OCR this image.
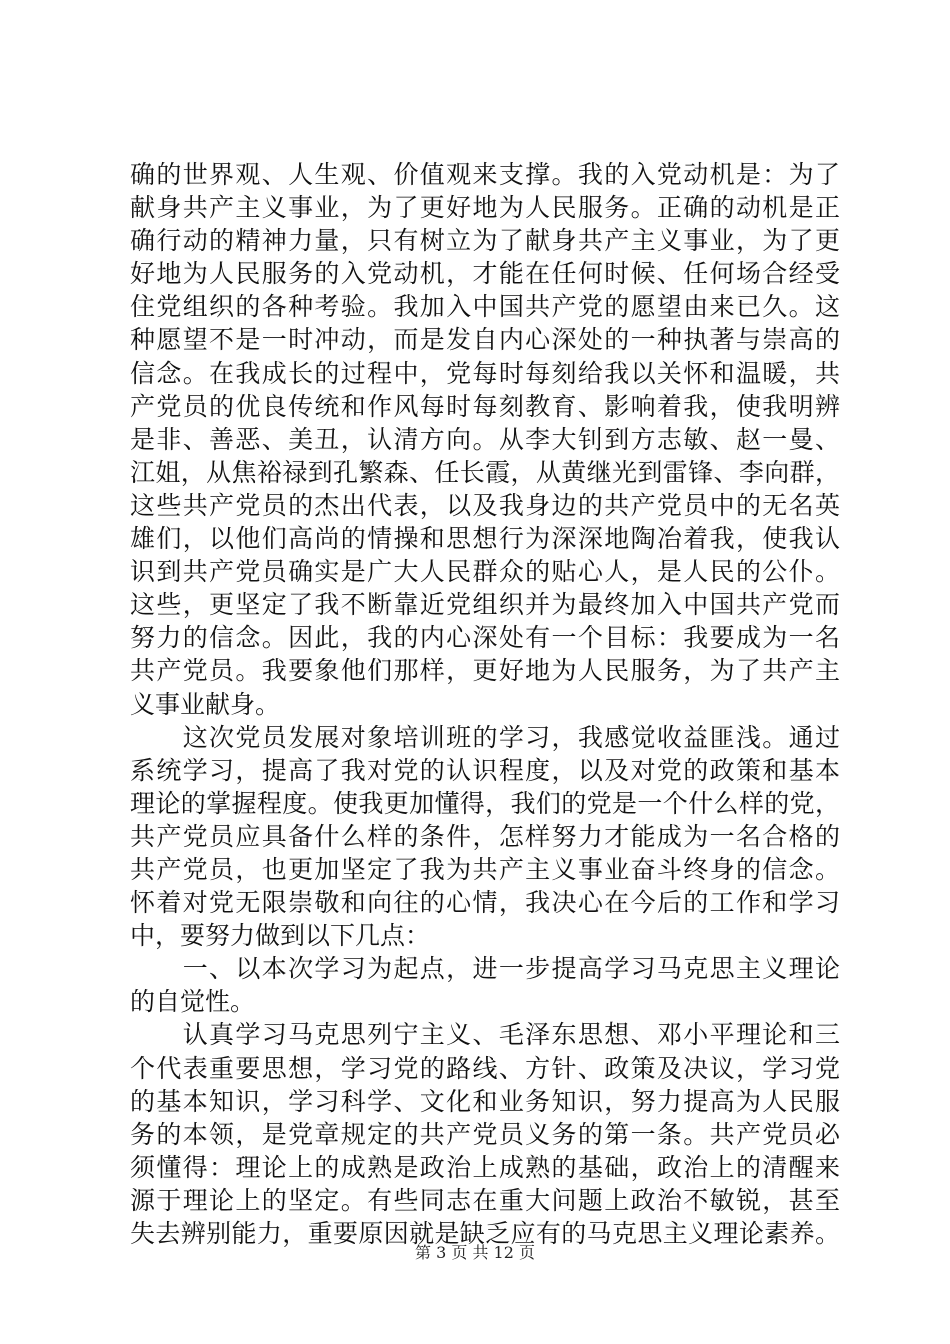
确的世界观、人生观、价值观来支撑。我的入党动机是：为了
献身共产主义事业，为了更好地为人民服务。正确的动机是正
确行动的精神力量，只有树立为了献身共产主义事业，为了更
好地为人民服务的入党动机，才能在任何时候、任何场合经受
住党组织的各种考验。我加入中国共产党的愿望由来已久。这
种愿望不是一时冲动，而是发自内心深处的一种执著与崇高的
信念。在我成长的过程中，党每时每刻给我以关怀和温暖，共
产党员的优良传统和作风每时每刻教育、影响着我，使我明辨
是非、善恶、美丑，认清方向。从李大钊到方志敏、赵一曼、
江姐，从焦裕禄到孔繁森、任长霞，从黄继光到雷锋、李向群，
这些共产党员的杰出代表，以及我身边的共产党员中的无名英
雄们，以他们高尚的情操和思想行为深深地陶冶着我，使我认
识到共产党员确实是广大人民群众的贴心人，是人民的公仆。
这些，更坚定了我不断靠近党组织并为最终加入中国共产党而
努力的信念。因此，我的内心深处有一个目标：我要成为一名
共产党员。我要象他们那样，更好地为人民服务，为了共产主
义事业献身。
　　这次党员发展对象培训班的学习，我感觉收益匪浅。通过
系统学习，提高了我对党的认识程度，以及对党的政策和基本
理论的掌握程度。使我更加懂得，我们的党是一个什么样的党，
共产党员应具备什么样的条件，怎样努力才能成为一名合格的
共产党员，也更加坚定了我为共产主义事业奋斗终身的信念。
怀着对党无限崇敬和向往的心情，我决心在今后的工作和学习
中，要努力做到以下几点：
　　一、以本次学习为起点，进一步提高学习马克思主义理论
的自觉性。
　　认真学习马克思列宁主义、毛泽东思想、邓小平理论和三
个代表重要思想，学习党的路线、方针、政策及决议，学习党
的基本知识，学习科学、文化和业务知识，努力提高为人民服
务的本领，是党章规定的共产党员义务的第一条。共产党员必
须懂得：理论上的成熟是政治上成熟的基础，政治上的清醒来
源于理论上的坚定。有些同志在重大问题上政治不敏锐，甚至
失去辨别能力，重要原因就是缺乏应有的马克思主义理论素养。
第 3 页 共 12 页
